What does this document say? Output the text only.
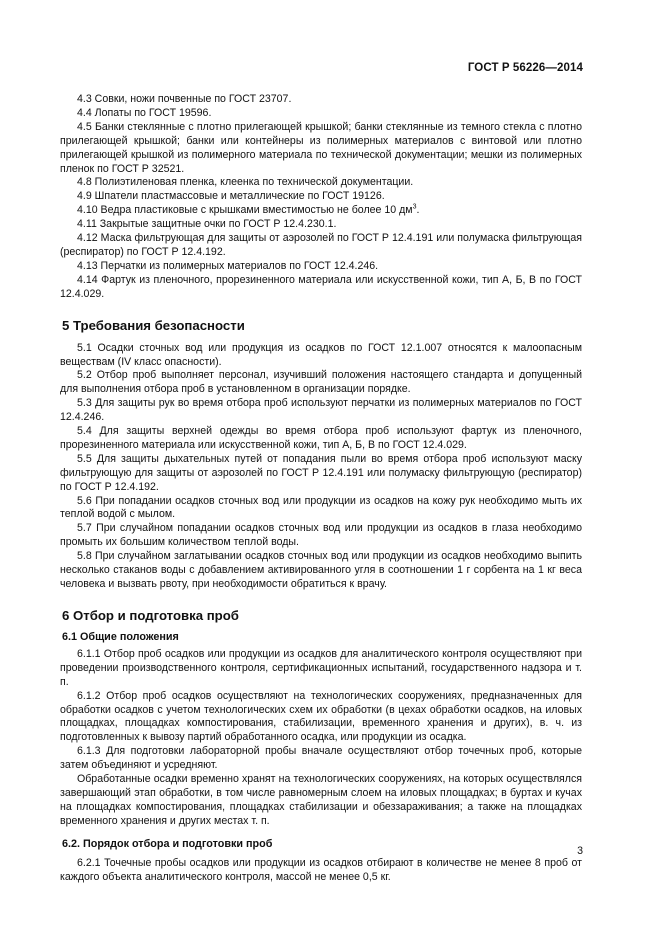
ГОСТ Р 56226—2014

4.3 Совки, ножи почвенные по ГОСТ 23707.

4.4 Лопаты по ГОСТ 19596.

4.5 Банки стеклянные с плотно прилегающей крышкой; банки стеклянные из темного стекла с плотно прилегающей крышкой; банки или контейнеры из полимерных материалов с винтовой или плотно прилегающей крышкой из полимерного материала по технической документации; мешки из полимерных пленок по ГОСТ Р 32521.

4.8 Полиэтиленовая пленка, клеенка по технической документации.

4.9 Шпатели пластмассовые и металлические по ГОСТ 19126.

4.10 Ведра пластиковые с крышками вместимостью не более 10 $дм^3$.

4.11 Закрытые защитные очки по ГОСТ Р 12.4.230.1.

4.12 Маска фильтрующая для защиты от аэрозолей по ГОСТ Р 12.4.191 или полумаска фильтрующая (респиратор) по ГОСТ Р 12.4.192.

4.13 Перчатки из полимерных материалов по ГОСТ 12.4.246.

4.14 Фартук из пленочного, прорезиненного материала или искусственной кожи, тип А, Б, В по ГОСТ 12.4.029.

5 Требования безопасности

5.1 Осадки сточных вод или продукция из осадков по ГОСТ 12.1.007 относятся к малоопасным веществам (IV класс опасности).

5.2 Отбор проб выполняет персонал, изучивший положения настоящего стандарта и допущенный для выполнения отбора проб в установленном в организации порядке.

5.3 Для защиты рук во время отбора проб используют перчатки из полимерных материалов по ГОСТ 12.4.246.

5.4 Для защиты верхней одежды во время отбора проб используют фартук из пленочного, прорезиненного материала или искусственной кожи, тип А, Б, В по ГОСТ 12.4.029.

5.5 Для защиты дыхательных путей от попадания пыли во время отбора проб используют маску фильтрующую для защиты от аэрозолей по ГОСТ Р 12.4.191 или полумаску фильтрующую (респиратор) по ГОСТ Р 12.4.192.

5.6 При попадании осадков сточных вод или продукции из осадков на кожу рук необходимо мыть их теплой водой с мылом.

5.7 При случайном попадании осадков сточных вод или продукции из осадков в глаза необходимо промыть их большим количеством теплой воды.

5.8 При случайном заглатывании осадков сточных вод или продукции из осадков необходимо выпить несколько стаканов воды с добавлением активированного угля в соотношении 1 г сорбента на 1 кг веса человека и вызвать рвоту, при необходимости обратиться к врачу.

6 Отбор и подготовка проб
6.1 Общие положения

6.1.1 Отбор проб осадков или продукции из осадков для аналитического контроля осуществляют при проведении производственного контроля, сертификационных испытаний, государственного надзора и т. п.

6.1.2 Отбор проб осадков осуществляют на технологических сооружениях, предназначенных для обработки осадков с учетом технологических схем их обработки (в цехах обработки осадков, на иловых площадках, площадках компостирования, стабилизации, временного хранения и других), в. ч. из подготовленных к вывозу партий обработанного осадка, или продукции из осадка.

6.1.3 Для подготовки лабораторной пробы вначале осуществляют отбор точечных проб, которые затем объединяют и усредняют.

Обработанные осадки временно хранят на технологических сооружениях, на которых осуществлялся завершающий этап обработки, в том числе равномерным слоем на иловых площадках; в буртах и кучах на площадках компостирования, площадках стабилизации и обеззараживания; а также на площадках временного хранения и других местах т. п.

6.2. Порядок отбора и подготовки проб

6.2.1 Точечные пробы осадков или продукции из осадков отбирают в количестве не менее 8 проб от каждого объекта аналитического контроля, массой не менее 0,5 кг.

3
